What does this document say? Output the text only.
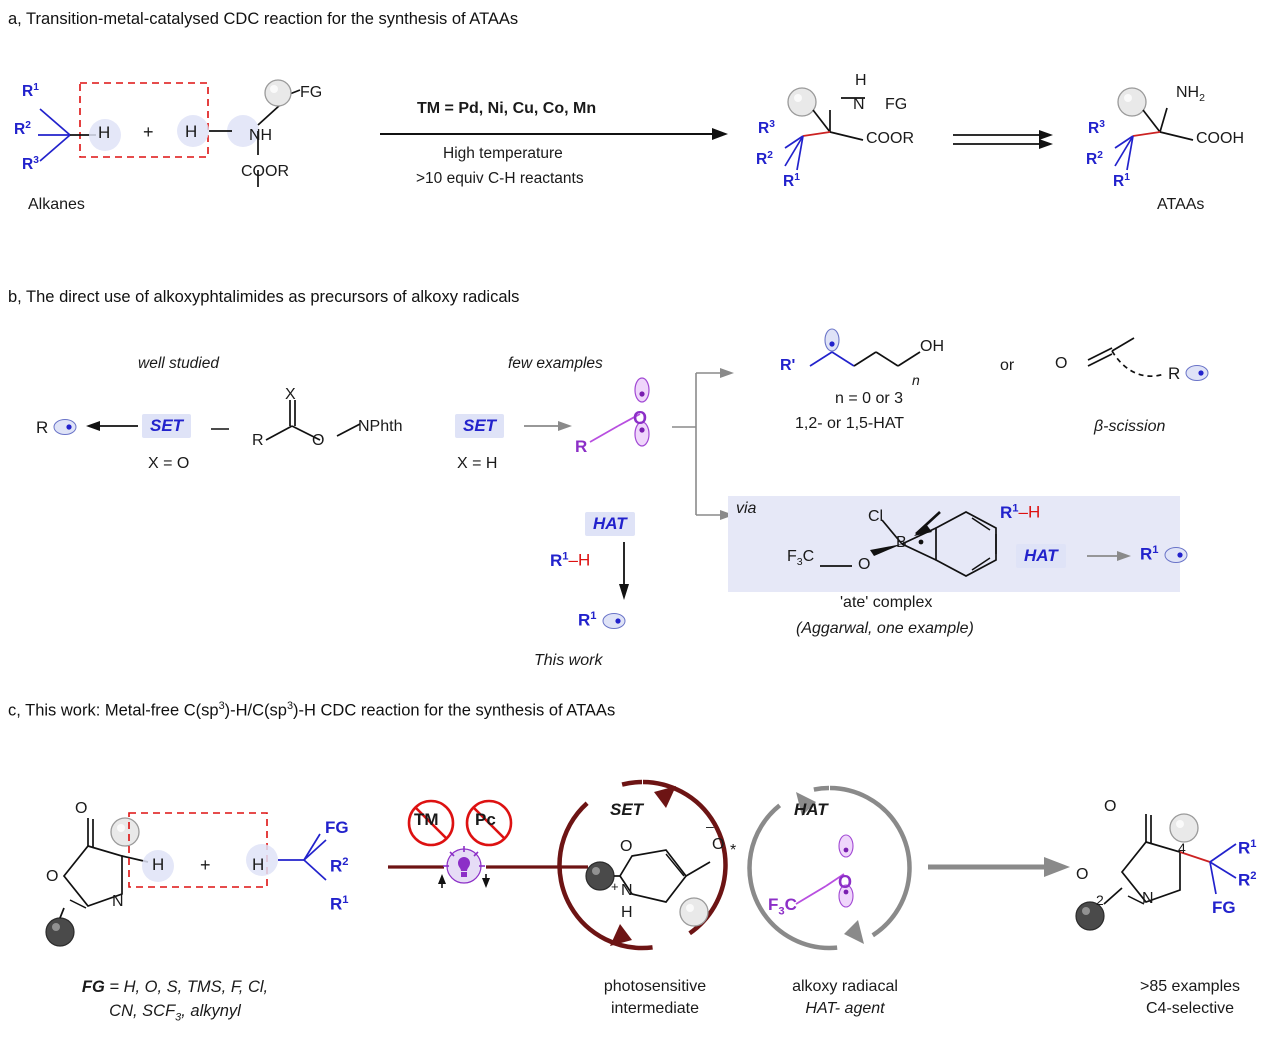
a, Transition-metal-catalysed CDC reaction for the synthesis of ATAAs
$R^1$
$R^2$
$R^3$
H +
Alkanes
H
FG
NH
COOR
TM = Pd, Ni, Cu, Co, Mn
High temperature
>10 equiv C-H reactants
H
N FG
COOR
$R^3$
$R^2$
$R^1$
$NH_2$
COOH
$R^3$
$R^2$
$R^1$
ATAAs
b, The direct use of alkoxyphtalimides as precursors of alkoxy radicals
well studied	few examples
R	SET
X = O
X
R	O
NPhth	SET
X = H
O
R
R'
OH
n
n = 0 or 3
1,2- or 1,5-HAT
or	O
R
β-scission
HAT
$R^1-H$
$R^1$
This work
via	Cl
B
$F_3C$	O
'ate' complex
(Aggarwal, one example)
$R^1-H$
HAT	$R^1$
c, This work: Metal-free $C(sp^3)-H/C(sp^3)-H$ CDC reaction for the synthesis of ATAAs
O
O
N
H + H
FG
$R^2$
$R^1$
TM Pc
SET
O	O
–
*
N
+
H
photosensitive
intermediate
HAT
O
$F_3C$
alkoxy radiacal
HAT- agent
O
O
N
4
2
$R^1$
$R^2$
FG
>85 examples
C4-selective
FG = H, O, S, TMS, F, Cl,
CN, $SCF_3$, alkynyl
